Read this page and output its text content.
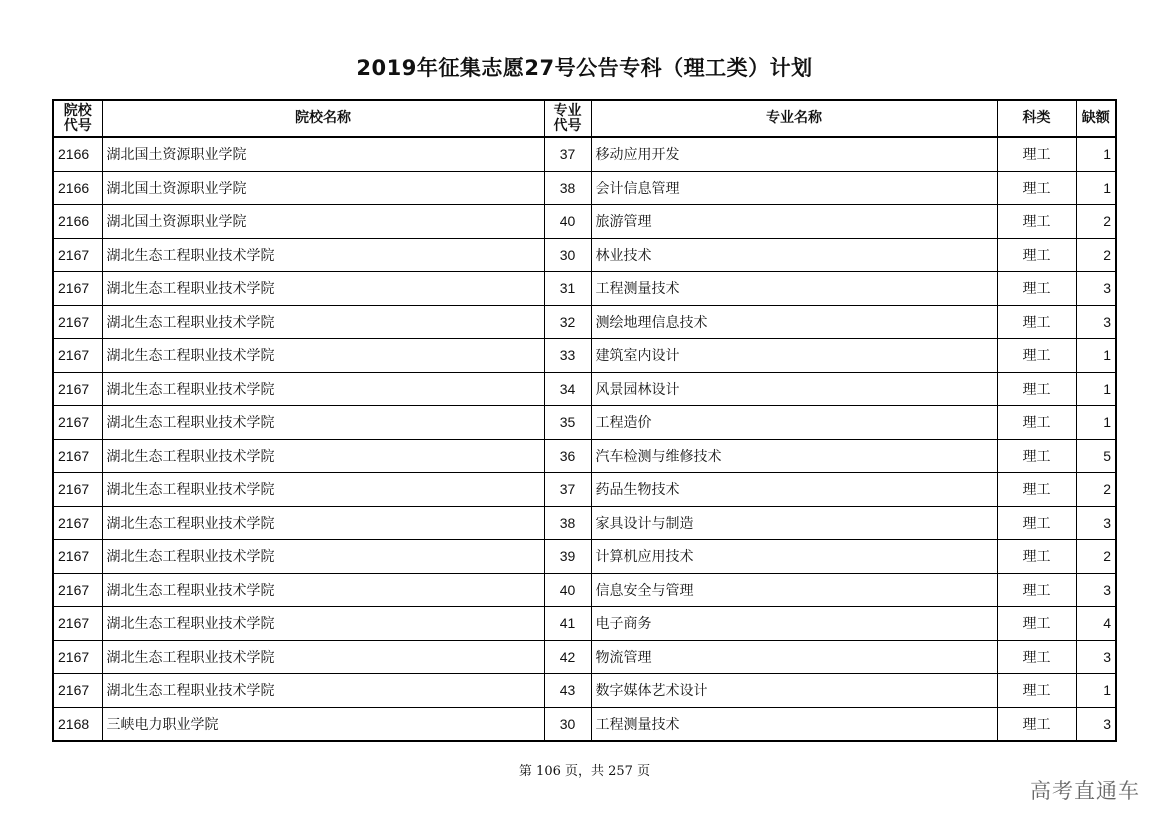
2019年征集志愿27号公告专科（理工类）计划
院校代号	院校名称	专业代号	专业名称	科类	缺额
2166	湖北国土资源职业学院	37	移动应用开发	理工	1
2166	湖北国土资源职业学院	38	会计信息管理	理工	1
2166	湖北国土资源职业学院	40	旅游管理	理工	2
2167	湖北生态工程职业技术学院	30	林业技术	理工	2
2167	湖北生态工程职业技术学院	31	工程测量技术	理工	3
2167	湖北生态工程职业技术学院	32	测绘地理信息技术	理工	3
2167	湖北生态工程职业技术学院	33	建筑室内设计	理工	1
2167	湖北生态工程职业技术学院	34	风景园林设计	理工	1
2167	湖北生态工程职业技术学院	35	工程造价	理工	1
2167	湖北生态工程职业技术学院	36	汽车检测与维修技术	理工	5
2167	湖北生态工程职业技术学院	37	药品生物技术	理工	2
2167	湖北生态工程职业技术学院	38	家具设计与制造	理工	3
2167	湖北生态工程职业技术学院	39	计算机应用技术	理工	2
2167	湖北生态工程职业技术学院	40	信息安全与管理	理工	3
2167	湖北生态工程职业技术学院	41	电子商务	理工	4
2167	湖北生态工程职业技术学院	42	物流管理	理工	3
2167	湖北生态工程职业技术学院	43	数字媒体艺术设计	理工	1
2168	三峡电力职业学院	30	工程测量技术	理工	3
第 106 页，共 257 页
高考直通车
